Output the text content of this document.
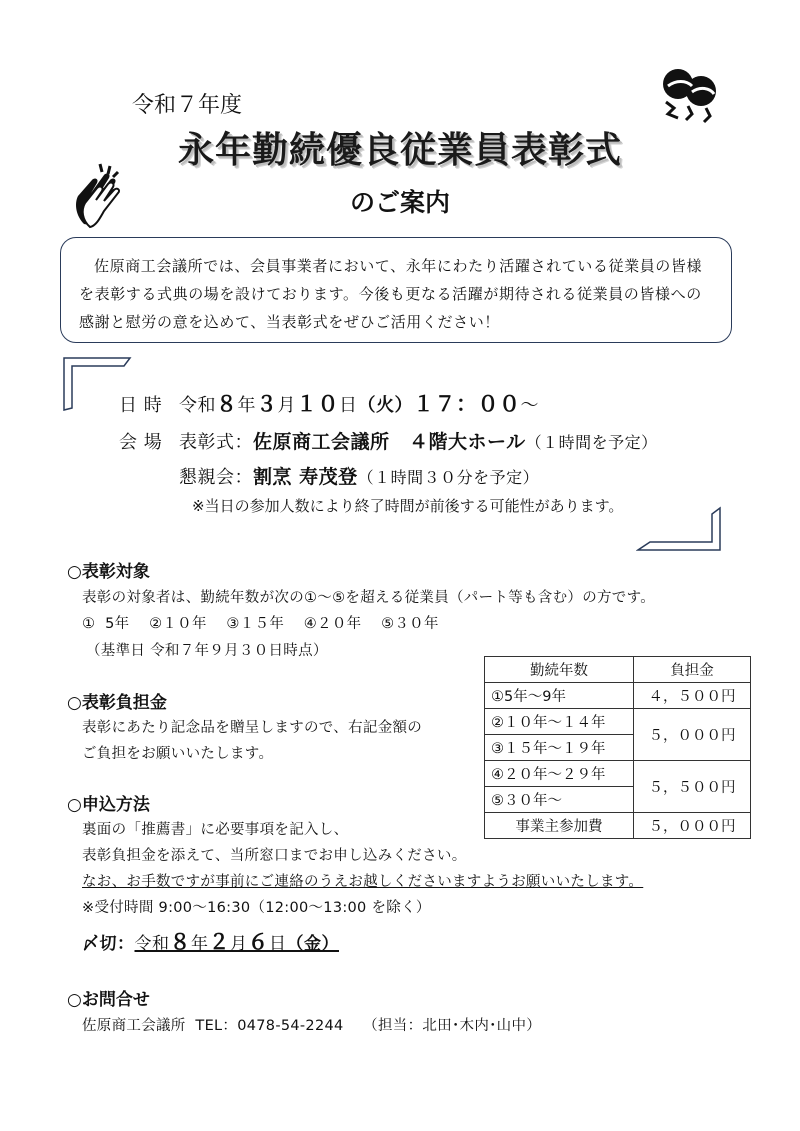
令和７年度
永年勤続優良従業員表彰式
のご案内

佐原商工会議所では、会員事業者において、永年にわたり活躍されている従業員の皆様を表彰する式典の場を設けております。今後も更なる活躍が期待される従業員の皆様への感謝と慰労の意を込めて、当表彰式をぜひご活用ください！

日 時 令和８年３月１０日（火）１７：００～
会 場 表彰式：佐原商工会議所　４階大ホール（１時間を予定）
懇親会：割烹 寿茂登（１時間３０分を予定）
※当日の参加人数により終了時間が前後する可能性があります。
○表彰対象
表彰の対象者は、勤続年数が次の①～⑤を超える従業員（パート等も含む）の方です。
①  5年    ②１０年    ③１５年    ④２０年    ⑤３０年
（基準日 令和７年９月３０日時点）
○表彰負担金
表彰にあたり記念品を贈呈しますので、右記金額の
ご負担をお願いいたします。
勤続年数	負担金
①5年～9年	４，５００円
②１０年～１４年	５，０００円
③１５年～１９年	
④２０年～２９年	５，５００円
⑤３０年～	
事業主参加費	５，０００円
○申込方法
裏面の「推薦書」に必要事項を記入し、
表彰負担金を添えて、当所窓口までお申し込みください。
なお、お手数ですが事前にご連絡のうえお越しくださいますようお願いいたします。
※受付時間 9:00～16:30（12:00～13:00 を除く）
〆切：令和８年２月６日（金）
○お問合せ
佐原商工会議所  TEL：0478-54-2244    （担当：北田･木内･山中）
